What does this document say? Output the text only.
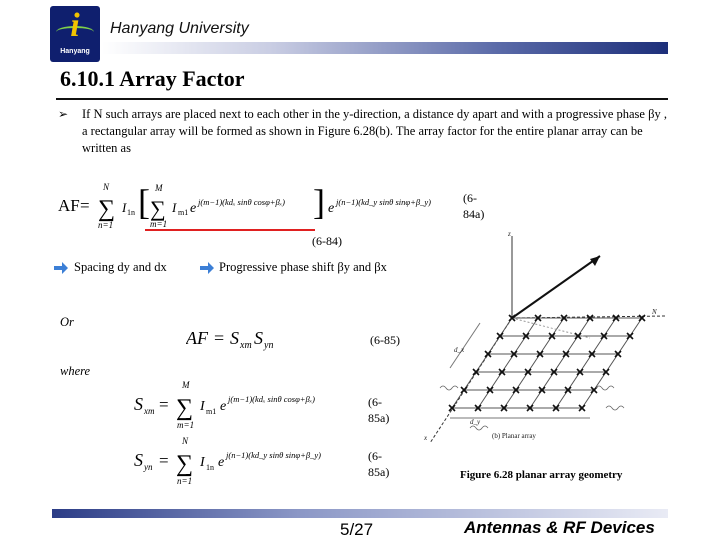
i
Hanyang
Hanyang University
6.10.1 Array Factor
➢ If N such arrays are placed next to each other in the y-direction, a distance dy apart and with a progressive phase βy , a rectangular array will be formed as shown in Figure 6.28(b). The array factor for the entire planar array can be written as
AF = ∑
N
n=1
I 1n [ ∑
M
m=1
I m1 e j(m−1)(kdₓ sinθ cosφ+βₓ) ] e j(n−1)(kd_y sinθ sinφ+β_y)	(6-84a)
(6-84)
Spacing dy and dx	Progressive phase shift βy and βx
Or
AF = S xm S yn	(6-85)
where
S xm = ∑
M
m=1
I m1 e j(m−1)(kdₓ sinθ cosφ+βₓ)	(6-85a)
S yn = ∑
N
n=1
I 1n e j(n−1)(kd_y sinθ sinφ+β_y)	(6-85a)
z
N
d_y
d_x
x	(b) Planar array
Figure 6.28 planar array geometry
5/27	Antennas & RF Devices
